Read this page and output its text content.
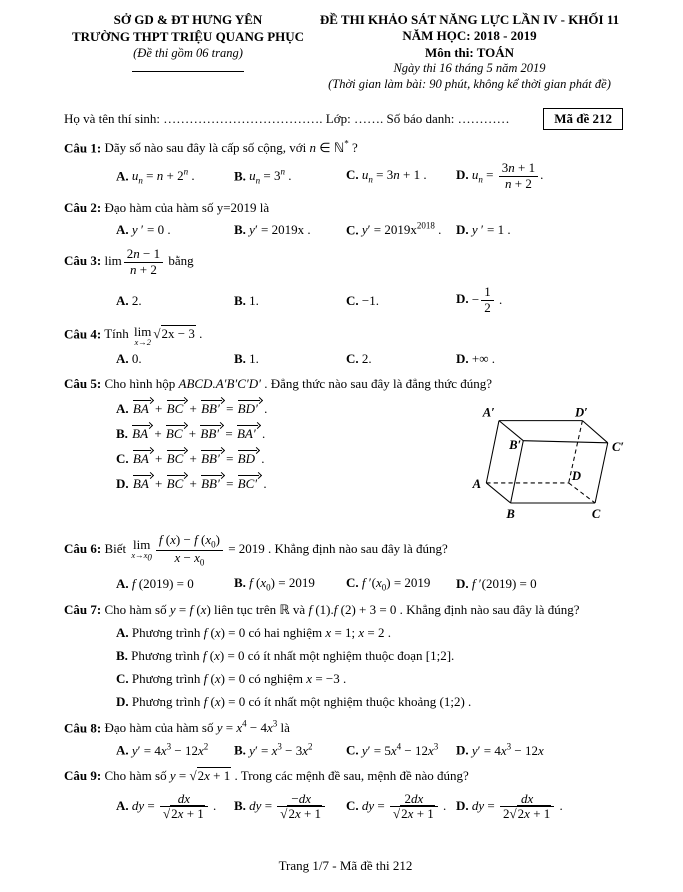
SỞ GD & ĐT HƯNG YÊN
TRƯỜNG THPT TRIỆU QUANG PHỤC
(Đề thi gồm 06 trang)
ĐỀ THI KHẢO SÁT NĂNG LỰC LẦN IV - KHỐI 11
NĂM HỌC: 2018 - 2019
Môn thi: TOÁN
Ngày thi 16 tháng 5 năm 2019
(Thời gian làm bài: 90 phút, không kể thời gian phát đề)
Họ và tên thí sinh: ………………………………. Lớp: ……. Số báo danh: …………	Mã đề 212
Câu 1: Dãy số nào sau đây là cấp số cộng, với n ∈ ℕ* ?
A. $u_n = n + 2^n$ .	B. $u_n = 3^n$ .	C. $u_n = 3n + 1$ .	D. $u_n = \frac{3n + 1}{n + 2}$ .
Câu 2: Đạo hàm của hàm số y=2019 là
A. y ′ = 0 .	B. y′ = 2019x .	C. $y' = 2019x^{2018}$ .	D. y ′ = 1 .
Câu 3: $\lim \frac{2n - 1}{n + 2}$ bằng
A. 2.	B. 1.	C. −1.	D. − $\frac{1}{2}$ .
Câu 4: Tính lim
x→2
√2x − 3 .
A. 0.	B. 1.	C. 2.	D. +∞ .
Câu 5: Cho hình hộp ABCD.A′B′C′D′ . Đẳng thức nào sau đây là đẳng thức đúng?
A. BA + BC + BB′ = BD′ .
B. BA + BC + BB′ = BA′ .
C. BA + BC + BB′ = BD .
D. BA + BC + BB′ = BC′ .
A′	D′
B′	C′
A
D
B	C
Câu 6: Biết lim
$x\to x_0 \frac{f (x) - f (x_0)}{x - x_0} = 2019$ . Khẳng định nào sau đây là đúng?
A. f (2019) = 0	B. f $(x_0) = 2019$	C. f $'(x_0) = 2019$	D. f ′(2019) = 0
Câu 7: Cho hàm số y = f (x) liên tục trên ℝ và f (1).f (2) + 3 = 0 . Khẳng định nào sau đây là đúng?
A. Phương trình f (x) = 0 có hai nghiệm x = 1; x = 2 .
B. Phương trình f (x) = 0 có ít nhất một nghiệm thuộc đoạn [1;2].
C. Phương trình f (x) = 0 có nghiệm x = −3 .
D. Phương trình f (x) = 0 có ít nhất một nghiệm thuộc khoảng (1;2) .
Câu 8: Đạo hàm của hàm số $y = x^4 - 4x^3$ là
A. $y' = 4x^3 - 12x^2$	B. $y' = x^3 - 3x^2$	C. $y' = 5x^4 - 12x^3$	D. $y' = 4x^3 - 12x$
Câu 9: Cho hàm số y = √2x + 1 . Trong các mệnh đề sau, mệnh đề nào đúng?
A. dy = $\frac{dx}{√2x + 1}$ .	B. dy = $\frac{-dx}{√2x + 1} C$. dy = $\frac{2dx}{√2x + 1}$ . D. dy = $\frac{dx}{2√2x + 1}$ .
Trang 1/7 - Mã đề thi 212
